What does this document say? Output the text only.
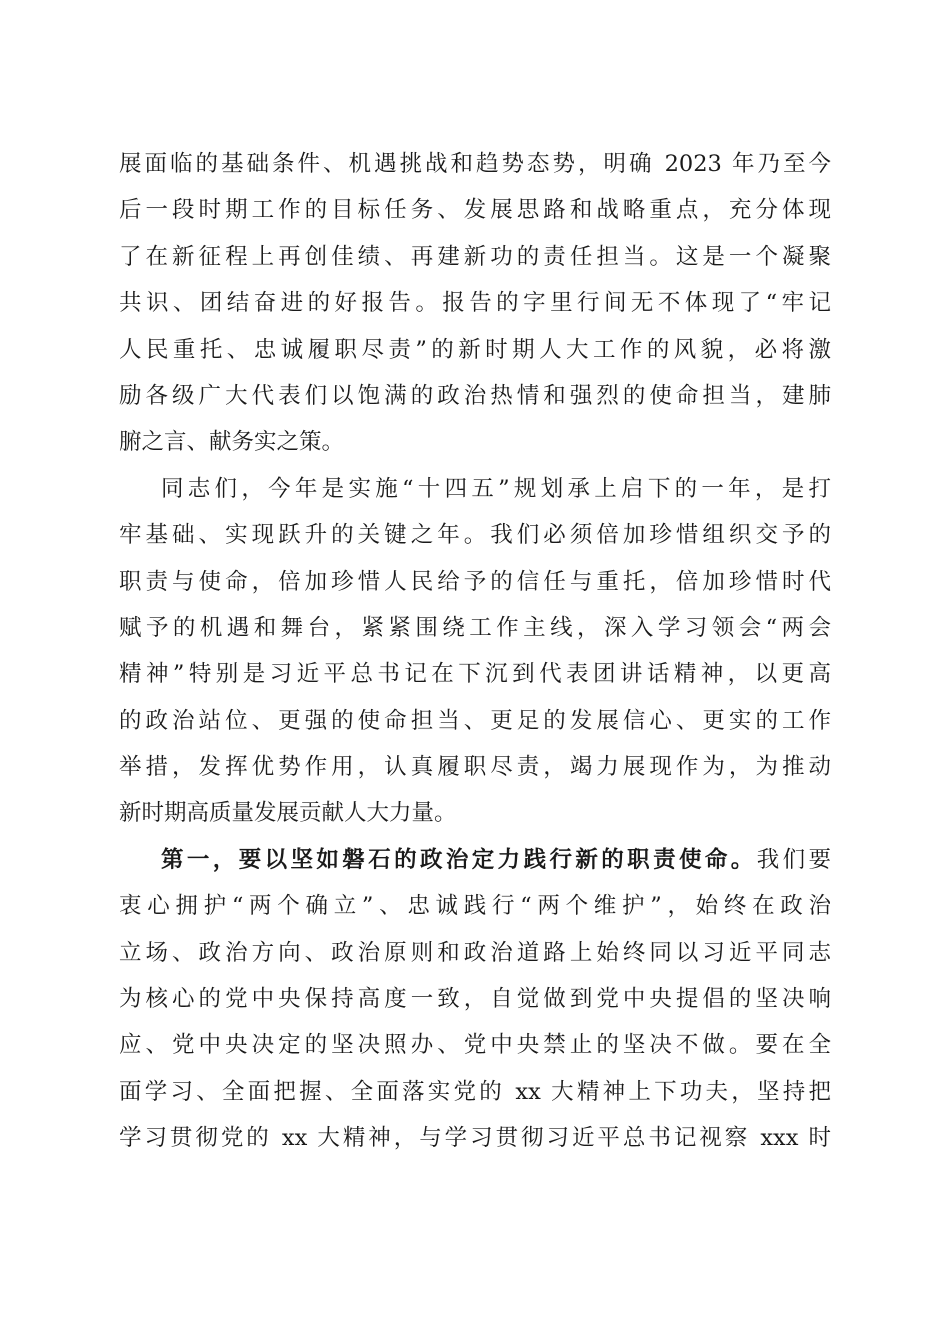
展面临的基础条件、机遇挑战和趋势态势，明确 2023 年乃至今
后一段时期工作的目标任务、发展思路和战略重点，充分体现
了在新征程上再创佳绩、再建新功的责任担当。这是一个凝聚
共识、团结奋进的好报告。报告的字里行间无不体现了“牢记
人民重托、忠诚履职尽责”的新时期人大工作的风貌，必将激
励各级广大代表们以饱满的政治热情和强烈的使命担当，建肺
腑之言、献务实之策。
同志们，今年是实施“十四五”规划承上启下的一年，是打
牢基础、实现跃升的关键之年。我们必须倍加珍惜组织交予的
职责与使命，倍加珍惜人民给予的信任与重托，倍加珍惜时代
赋予的机遇和舞台，紧紧围绕工作主线，深入学习领会“两会
精神”特别是习近平总书记在下沉到代表团讲话精神，以更高
的政治站位、更强的使命担当、更足的发展信心、更实的工作
举措，发挥优势作用，认真履职尽责，竭力展现作为，为推动
新时期高质量发展贡献人大力量。
第一，要以坚如磐石的政治定力践行新的职责使命。我们要
衷心拥护“两个确立”、忠诚践行“两个维护”，始终在政治
立场、政治方向、政治原则和政治道路上始终同以习近平同志
为核心的党中央保持高度一致，自觉做到党中央提倡的坚决响
应、党中央决定的坚决照办、党中央禁止的坚决不做。要在全
面学习、全面把握、全面落实党的 xx 大精神上下功夫，坚持把
学习贯彻党的 xx 大精神，与学习贯彻习近平总书记视察 xxx 时
